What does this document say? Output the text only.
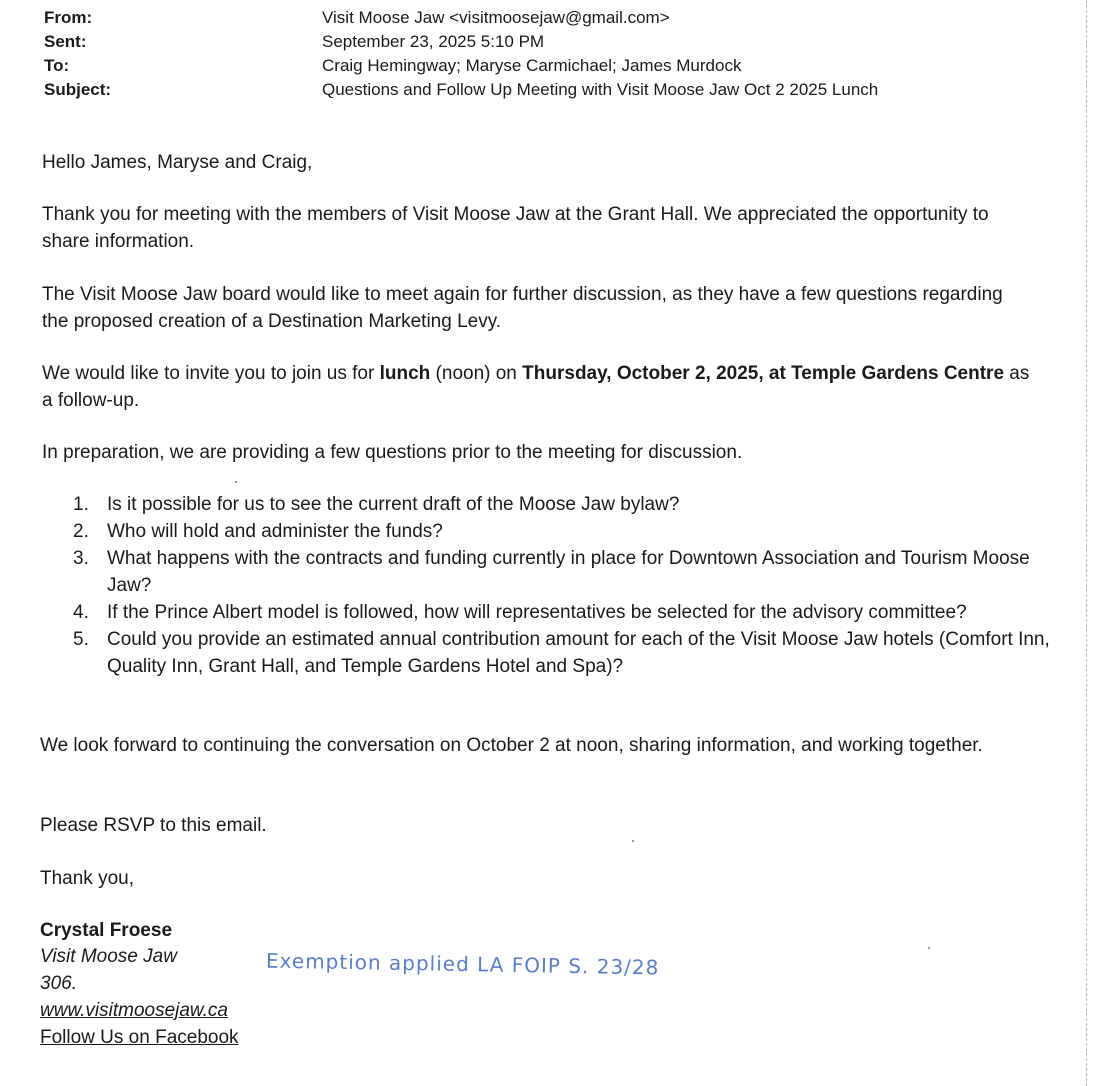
From:	Visit Moose Jaw <visitmoosejaw@gmail.com>
Sent:	September 23, 2025 5:10 PM
To:	Craig Hemingway; Maryse Carmichael; James Murdock
Subject:	Questions and Follow Up Meeting with Visit Moose Jaw Oct 2 2025 Lunch

Hello James, Maryse and Craig,

Thank you for meeting with the members of Visit Moose Jaw at the Grant Hall. We appreciated the opportunity to share information.

The Visit Moose Jaw board would like to meet again for further discussion, as they have a few questions regarding the proposed creation of a Destination Marketing Levy.

We would like to invite you to join us for lunch (noon) on Thursday, October 2, 2025, at Temple Gardens Centre as a follow-up.

In preparation, we are providing a few questions prior to the meeting for discussion.

1. Is it possible for us to see the current draft of the Moose Jaw bylaw?
2. Who will hold and administer the funds?
3. What happens with the contracts and funding currently in place for Downtown Association and Tourism Moose Jaw?
4. If the Prince Albert model is followed, how will representatives be selected for the advisory committee?
5. Could you provide an estimated annual contribution amount for each of the Visit Moose Jaw hotels (Comfort Inn, Quality Inn, Grant Hall, and Temple Gardens Hotel and Spa)?

We look forward to continuing the conversation on October 2 at noon, sharing information, and working together.

Please RSVP to this email.

Thank you,

Crystal Froese

Visit Moose Jaw

306.

www.visitmoosejaw.ca

Follow Us on Facebook

Exemption applied LA FOIP S. 23/28
